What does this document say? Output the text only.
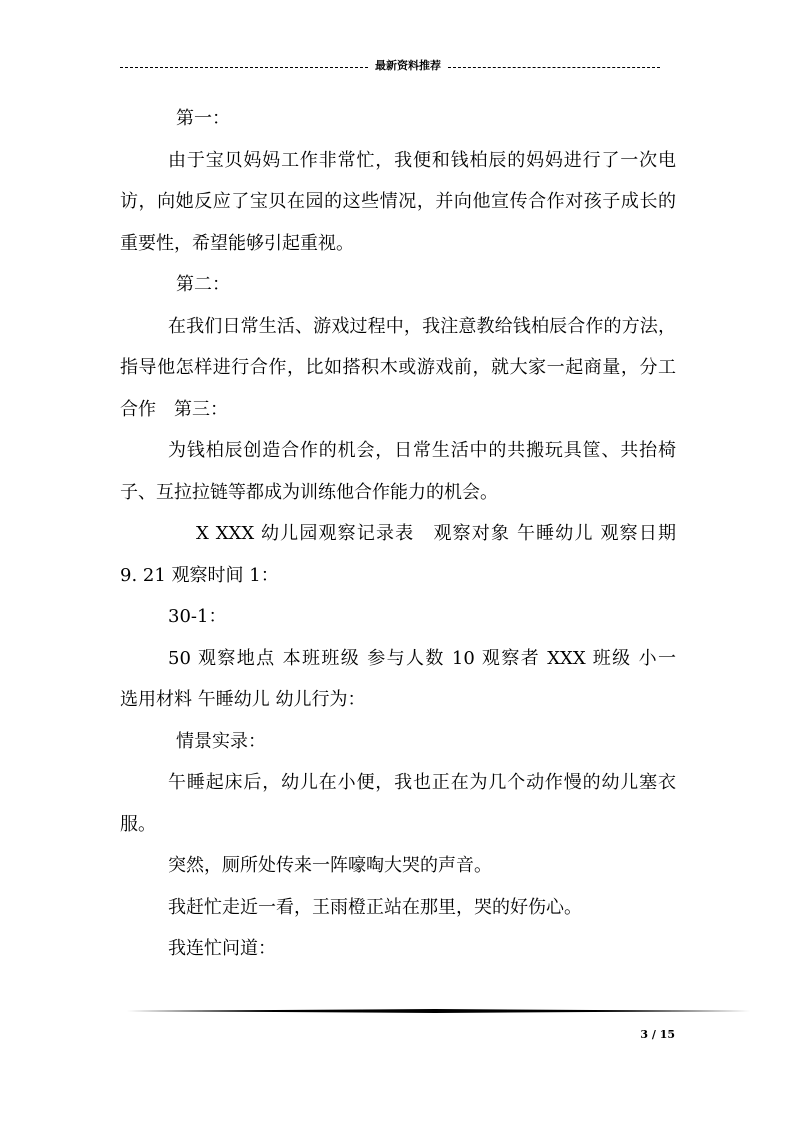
最新资料推荐
第一：
由于宝贝妈妈工作非常忙，我便和钱柏辰的妈妈进行了一次电
访，向她反应了宝贝在园的这些情况，并向他宣传合作对孩子成长的
重要性，希望能够引起重视。
第二：
在我们日常生活、游戏过程中，我注意教给钱柏辰合作的方法，
指导他怎样进行合作，比如搭积木或游戏前，就大家一起商量，分工
合作　第三：
为钱柏辰创造合作的机会，日常生活中的共搬玩具筐、共抬椅
子、互拉拉链等都成为训练他合作能力的机会。
X XXX 幼儿园观察记录表　观察对象 午睡幼儿 观察日期
9. 21 观察时间 1：
30-1：
50 观察地点 本班班级 参与人数 10 观察者 XXX 班级 小一
选用材料 午睡幼儿 幼儿行为：
情景实录：
午睡起床后，幼儿在小便，我也正在为几个动作慢的幼儿塞衣
服。
突然，厕所处传来一阵嚎啕大哭的声音。
我赶忙走近一看，王雨橙正站在那里，哭的好伤心。
我连忙问道：
3 / 15
